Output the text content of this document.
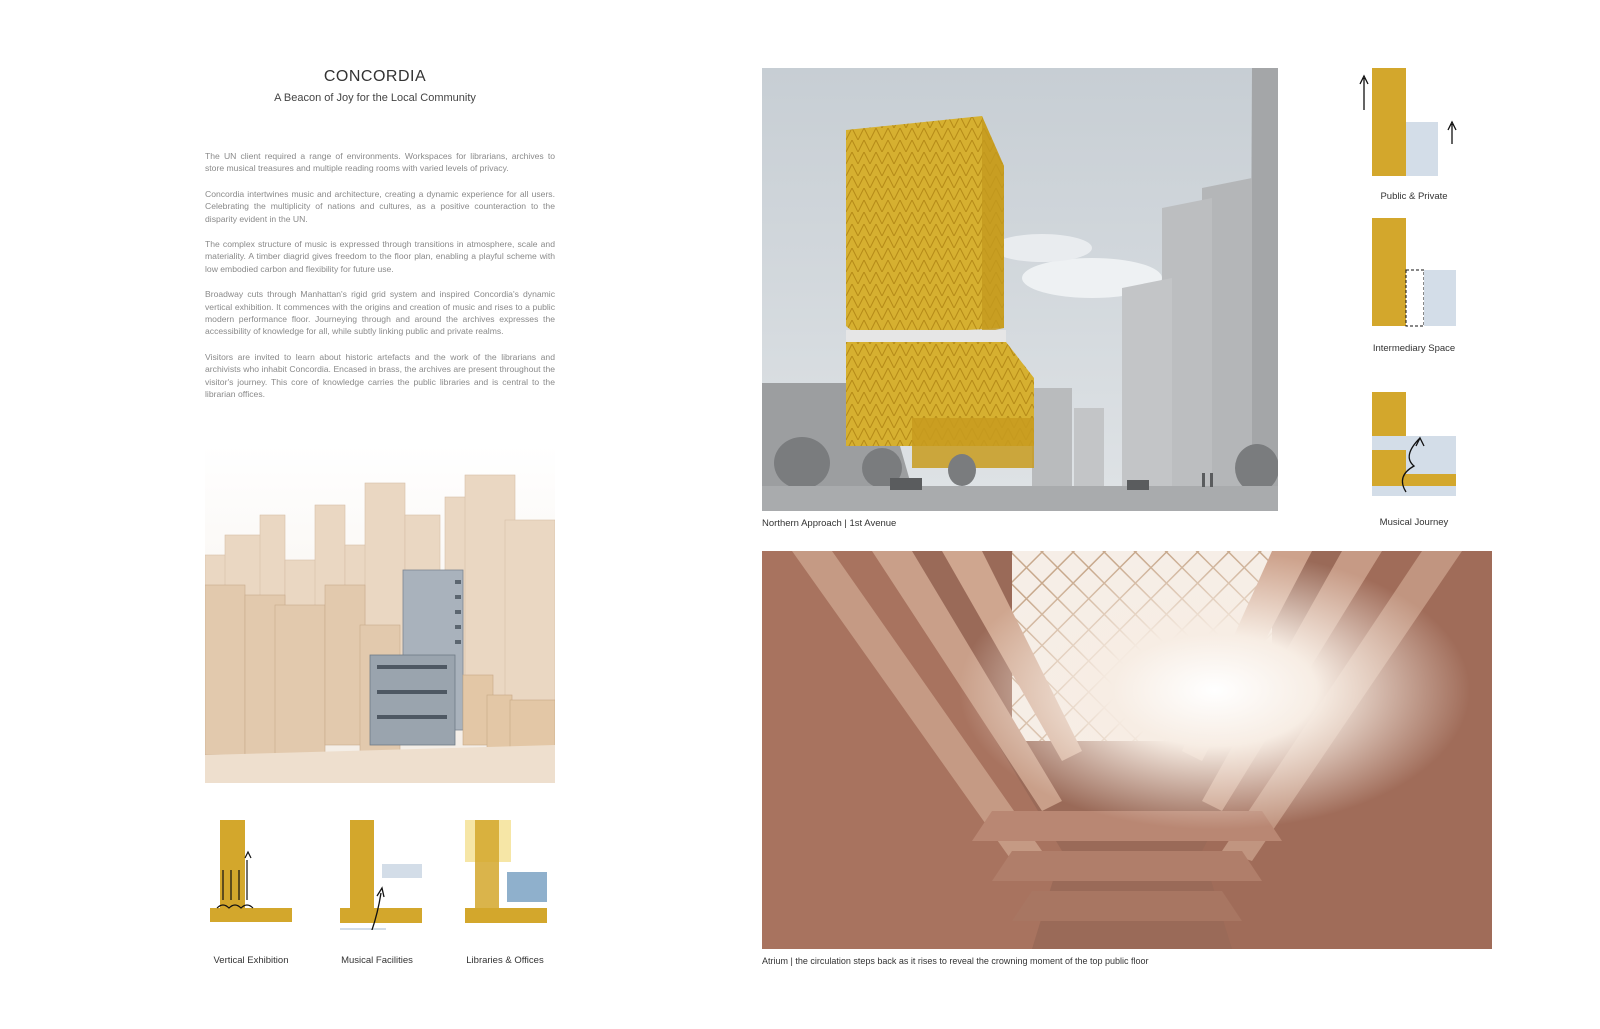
CONCORDIA
A Beacon of Joy for the Local Community

The UN client required a range of environments. Workspaces for librarians, archives to store musical treasures and multiple reading rooms with varied levels of privacy.

Concordia intertwines music and architecture, creating a dynamic experience for all users. Celebrating the multiplicity of nations and cultures, as a positive counteraction to the disparity evident in the UN.

The complex structure of music is expressed through transitions in atmosphere, scale and materiality. A timber diagrid gives freedom to the floor plan, enabling a playful scheme with low embodied carbon and flexibility for future use.

Broadway cuts through Manhattan's rigid grid system and inspired Concordia's dynamic vertical exhibition. It commences with the origins and creation of music and rises to a public modern performance floor. Journeying through and around the archives expresses the accessibility of knowledge for all, while subtly linking public and private realms.

Visitors are invited to learn about historic artefacts and the work of the librarians and archivists who inhabit Concordia. Encased in brass, the archives are present throughout the visitor's journey. This core of knowledge carries the public libraries and is central to the librarian offices.

Vertical Exhibition	Musical Facilities	Libraries & Offices
Northern Approach | 1st Avenue
Public & Private
Intermediary Space
Musical Journey
Atrium | the circulation steps back as it rises to reveal the crowning moment of the top public floor
